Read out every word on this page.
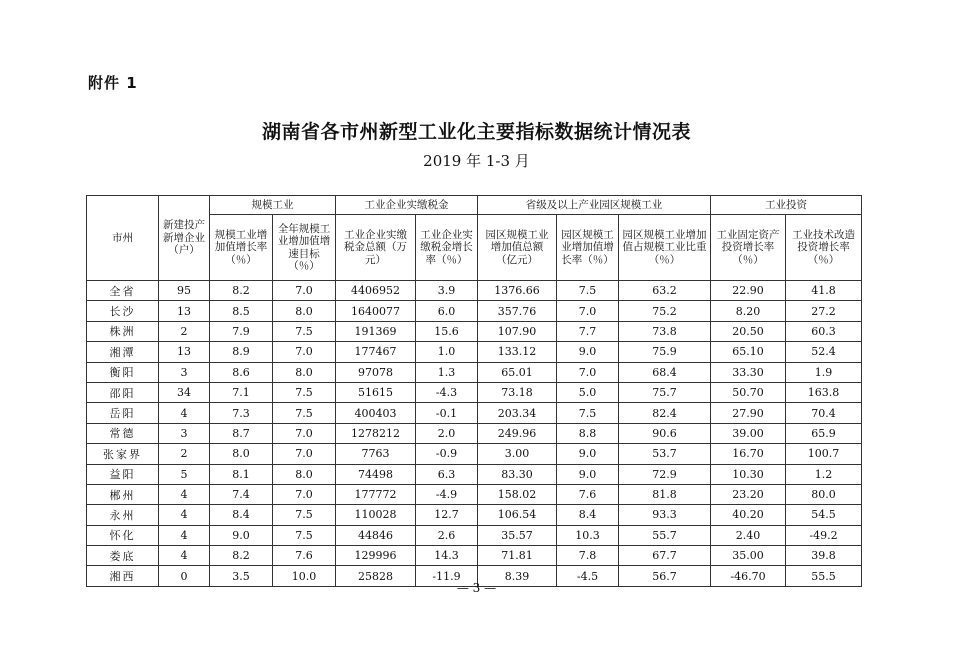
附件 1
湖南省各市州新型工业化主要指标数据统计情况表
2019 年 1-3 月
市州	新建投产新增企业（户）	规模工业		工业企业实缴税金		省级及以上产业园区规模工业			工业投资	
		规模工业增加值增长率（％）	全年规模工业增加值增速目标（％）	工业企业实缴税金总额（万元）	工业企业实缴税金增长率（％）	园区规模工业增加值总额（亿元）	园区规模工业增加值增长率（％）	园区规模工业增加值占规模工业比重（％）	工业固定资产投资增长率（％）	工业技术改造投资增长率（％）
全省	95	8.2	7.0	4406952	3.9	1376.66	7.5	63.2	22.90	41.8
长沙	13	8.5	8.0	1640077	6.0	357.76	7.0	75.2	8.20	27.2
株洲	2	7.9	7.5	191369	15.6	107.90	7.7	73.8	20.50	60.3
湘潭	13	8.9	7.0	177467	1.0	133.12	9.0	75.9	65.10	52.4
衡阳	3	8.6	8.0	97078	1.3	65.01	7.0	68.4	33.30	1.9
邵阳	34	7.1	7.5	51615	-4.3	73.18	5.0	75.7	50.70	163.8
岳阳	4	7.3	7.5	400403	-0.1	203.34	7.5	82.4	27.90	70.4
常德	3	8.7	7.0	1278212	2.0	249.96	8.8	90.6	39.00	65.9
张家界	2	8.0	7.0	7763	-0.9	3.00	9.0	53.7	16.70	100.7
益阳	5	8.1	8.0	74498	6.3	83.30	9.0	72.9	10.30	1.2
郴州	4	7.4	7.0	177772	-4.9	158.02	7.6	81.8	23.20	80.0
永州	4	8.4	7.5	110028	12.7	106.54	8.4	93.3	40.20	54.5
怀化	4	9.0	7.5	44846	2.6	35.57	10.3	55.7	2.40	-49.2
娄底	4	8.2	7.6	129996	14.3	71.81	7.8	67.7	35.00	39.8
湘西	0	3.5	10.0	25828	-11.9	8.39	-4.5	56.7	-46.70	55.5
— 3 —
